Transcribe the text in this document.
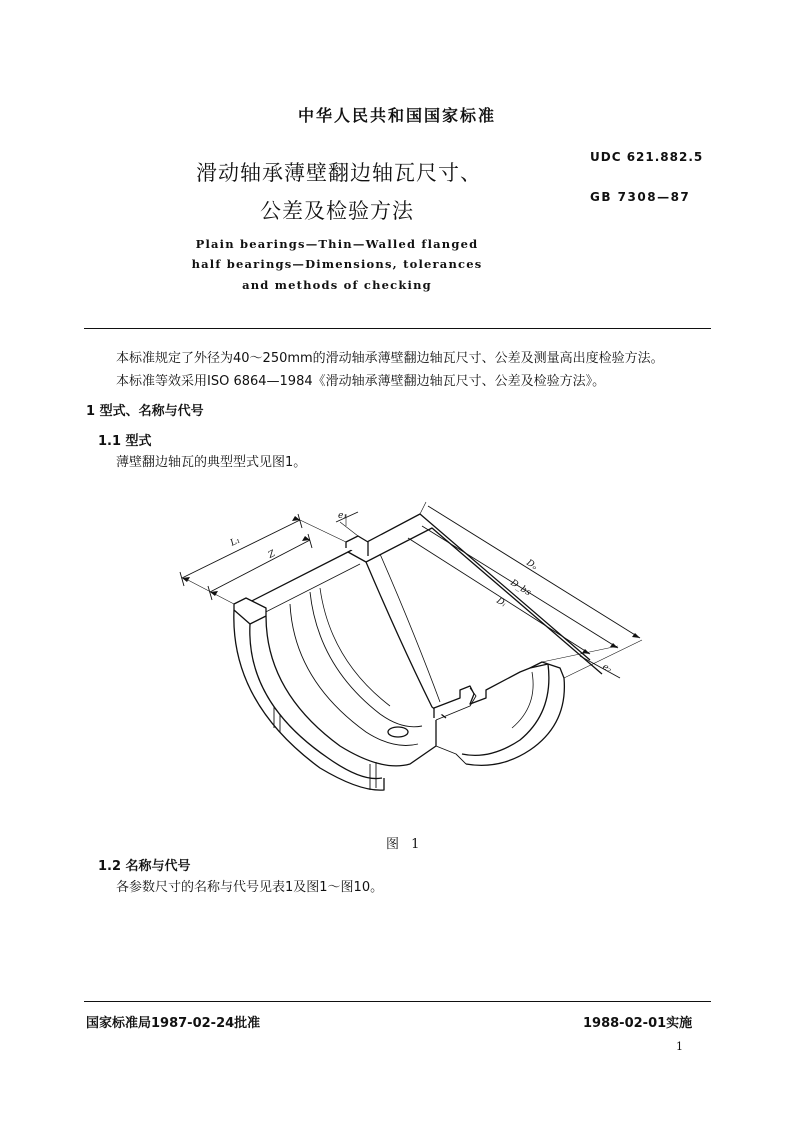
中华人民共和国国家标准
滑动轴承薄壁翻边轴瓦尺寸、
公差及检验方法
UDC 621.882.5
GB 7308—87
Plain bearings—Thin—Walled flanged
half bearings—Dimensions, tolerances
and methods of checking
本标准规定了外径为40～250mm的滑动轴承薄壁翻边轴瓦尺寸、公差及测量高出度检验方法。
本标准等效采用ISO 6864—1984《滑动轴承薄壁翻边轴瓦尺寸、公差及检验方法》。
1 型式、名称与代号
1.1 型式
薄壁翻边轴瓦的典型型式见图1。
L₁
Z
e₁
Dₒ
D_bs
Dᵢ
e₂
图 1
1.2 名称与代号
各参数尺寸的名称与代号见表1及图1～图10。
国家标准局1987-02-24批准	1988-02-01实施
1
